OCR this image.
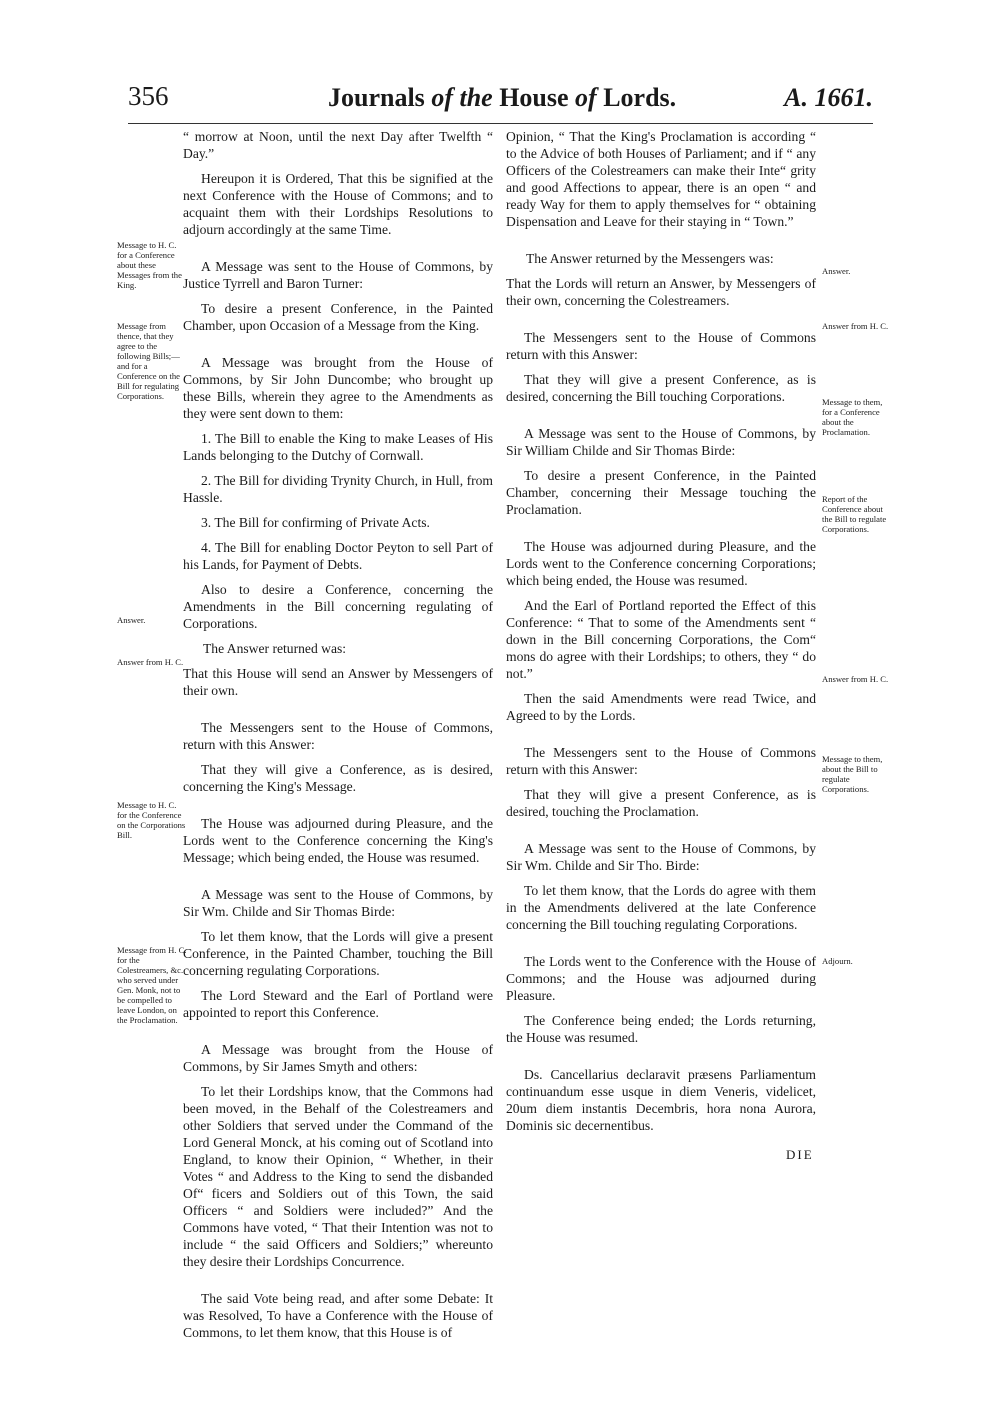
356	Journals of the House of Lords.	A. 1661.

“ morrow at Noon, until the next Day after Twelfth “ Day.”

Hereupon it is Ordered, That this be signified at the next Conference with the House of Commons; and to acquaint them with their Lordships Resolutions to adjourn accordingly at the same Time.

A Message was sent to the House of Commons, by Justice Tyrrell and Baron Turner:

To desire a present Conference, in the Painted Chamber, upon Occasion of a Message from the King.

A Message was brought from the House of Commons, by Sir John Duncombe; who brought up these Bills, wherein they agree to the Amendments as they were sent down to them:

1. The Bill to enable the King to make Leases of His Lands belonging to the Dutchy of Cornwall.

2. The Bill for dividing Trynity Church, in Hull, from Hassle.

3. The Bill for confirming of Private Acts.

4. The Bill for enabling Doctor Peyton to sell Part of his Lands, for Payment of Debts.

Also to desire a Conference, concerning the Amendments in the Bill concerning regulating of Corporations.

The Answer returned was:

That this House will send an Answer by Messengers of their own.

The Messengers sent to the House of Commons, return with this Answer:

That they will give a Conference, as is desired, concerning the King's Message.

The House was adjourned during Pleasure, and the Lords went to the Conference concerning the King's Message; which being ended, the House was resumed.

A Message was sent to the House of Commons, by Sir Wm. Childe and Sir Thomas Birde:

To let them know, that the Lords will give a present Conference, in the Painted Chamber, touching the Bill concerning regulating Corporations.

The Lord Steward and the Earl of Portland were appointed to report this Conference.

A Message was brought from the House of Commons, by Sir James Smyth and others:

To let their Lordships know, that the Commons had been moved, in the Behalf of the Colestreamers and other Soldiers that served under the Command of the Lord General Monck, at his coming out of Scotland into England, to know their Opinion, “ Whether, in their Votes “ and Address to the King to send the disbanded Of“ ficers and Soldiers out of this Town, the said Officers “ and Soldiers were included?” And the Commons have voted, “ That their Intention was not to include “ the said Officers and Soldiers;” whereunto they desire their Lordships Concurrence.

The said Vote being read, and after some Debate: It was Resolved, To have a Conference with the House of Commons, to let them know, that this House is of

Opinion, “ That the King's Proclamation is according “ to the Advice of both Houses of Parliament; and if “ any Officers of the Colestreamers can make their Inte“ grity and good Affections to appear, there is an open “ and ready Way for them to apply themselves for “ obtaining Dispensation and Leave for their staying in “ Town.”

The Answer returned by the Messengers was:

That the Lords will return an Answer, by Messengers of their own, concerning the Colestreamers.

The Messengers sent to the House of Commons return with this Answer:

That they will give a present Conference, as is desired, concerning the Bill touching Corporations.

A Message was sent to the House of Commons, by Sir William Childe and Sir Thomas Birde:

To desire a present Conference, in the Painted Chamber, concerning their Message touching the Proclamation.

The House was adjourned during Pleasure, and the Lords went to the Conference concerning Corporations; which being ended, the House was resumed.

And the Earl of Portland reported the Effect of this Conference: “ That to some of the Amendments sent “ down in the Bill concerning Corporations, the Com“ mons do agree with their Lordships; to others, they “ do not.”

Then the said Amendments were read Twice, and Agreed to by the Lords.

The Messengers sent to the House of Commons return with this Answer:

That they will give a present Conference, as is desired, touching the Proclamation.

A Message was sent to the House of Commons, by Sir Wm. Childe and Sir Tho. Birde:

To let them know, that the Lords do agree with them in the Amendments delivered at the late Conference concerning the Bill touching regulating Corporations.

The Lords went to the Conference with the House of Commons; and the House was adjourned during Pleasure.

The Conference being ended; the Lords returning, the House was resumed.

Ds. Cancellarius declaravit præsens Parliamentum continuandum esse usque in diem Veneris, videlicet, 20um diem instantis Decembris, hora nona Aurora, Dominis sic decernentibus.

Message to H. C. for a Conference about these Messages from the King.
Message from thence, that they agree to the following Bills;—and for a Conference on the Bill for regulating Corporations.
Answer.
Answer from H. C.
Message to H. C. for the Conference on the Corporations Bill.
Message from H. C. for the Colestreamers, &c. who served under Gen. Monk, not to be compelled to leave London, on the Proclamation.
Answer.
Answer from H. C.
Message to them, for a Conference about the Proclamation.
Report of the Conference about the Bill to regulate Corporations.
Answer from H. C.
Message to them, about the Bill to regulate Corporations.
Adjourn.
DIE
